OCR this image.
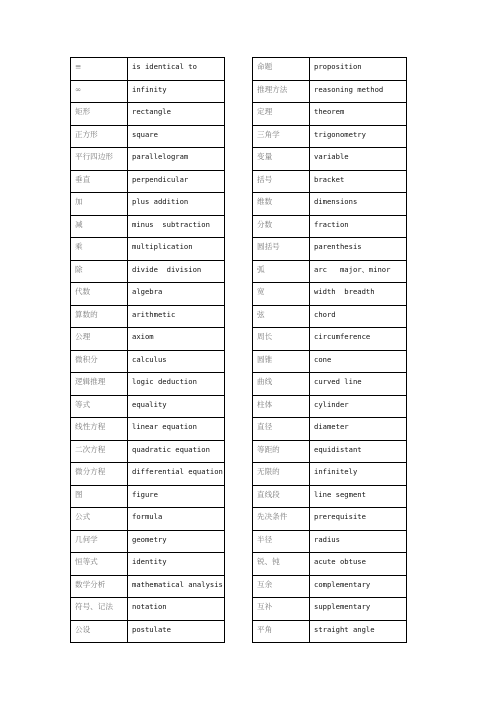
≡	is identical to
∞	infinity
矩形	rectangle
正方形	square
平行四边形	parallelogram
垂直	perpendicular
加	plus addition
减	minus  subtraction
乘	multiplication
除	divide  division
代数	algebra
算数的	arithmetic
公理	axiom
微积分	calculus
逻辑推理	logic deduction
等式	equality
线性方程	linear equation
二次方程	quadratic equation
微分方程	differential equation
图	figure
公式	formula
几何学	geometry
恒等式	identity
数学分析	mathematical analysis
符号、记法	notation
公设	postulate
命题	proposition
推理方法	reasoning method
定理	theorem
三角学	trigonometry
变量	variable
括号	bracket
维数	dimensions
分数	fraction
圆括号	parenthesis
弧	arc   major、minor
宽	width  breadth
弦	chord
周长	circumference
圆锥	cone
曲线	curved line
柱体	cylinder
直径	diameter
等距的	equidistant
无限的	infinitely
直线段	line segment
先决条件	prerequisite
半径	radius
锐、钝	acute obtuse
互余	complementary
互补	supplementary
平角	straight angle
